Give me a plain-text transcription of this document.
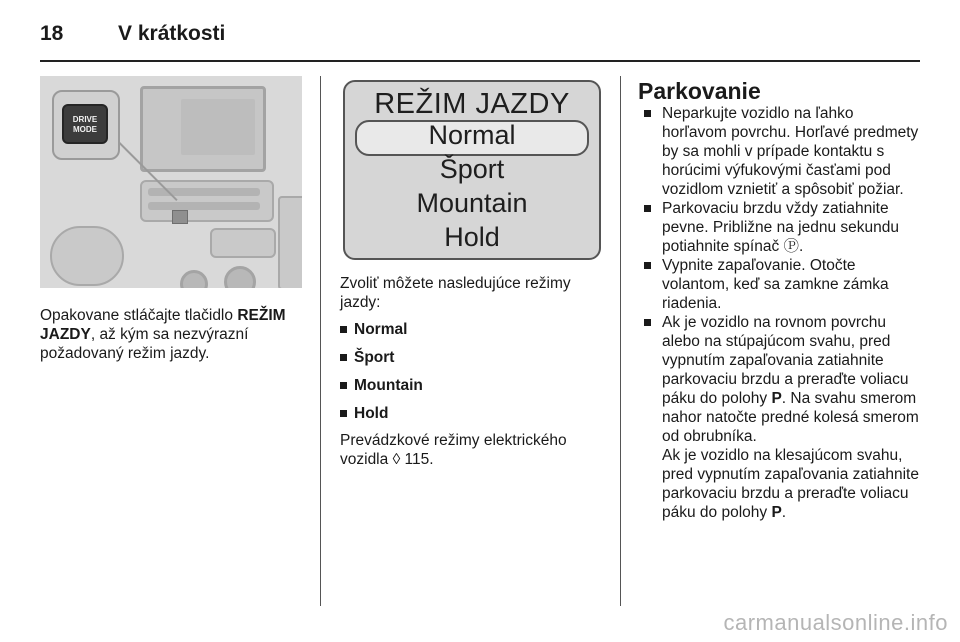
18	V krátkosti
DRIVE
MODE

Opakovane stláčajte tlačidlo REŽIM JAZDY, až kým sa nezvýrazní požadovaný režim jazdy.

REŽIM JAZDY
Normal
Šport
Mountain
Hold

Zvoliť môžete nasledujúce režimy jazdy:

Normal

Šport

Mountain

Hold

Prevádzkové režimy elektrického vozidla ◊ 115.

Parkovanie

Neparkujte vozidlo na ľahko horľavom povrchu. Horľavé predmety by sa mohli v prípade kontaktu s horúcimi výfukovými časťami pod vozidlom vznietiť a spôsobiť požiar.

Parkovaciu brzdu vždy zatiahnite pevne. Približne na jednu sekundu potiahnite spínač Ⓟ.

Vypnite zapaľovanie. Otočte volantom, keď sa zamkne zámka riadenia.

Ak je vozidlo na rovnom povrchu alebo na stúpajúcom svahu, pred vypnutím zapaľovania zatiahnite parkovaciu brzdu a preraďte voliacu páku do polohy P. Na svahu smerom nahor natočte predné kolesá smerom od obrubníka.

Ak je vozidlo na klesajúcom svahu, pred vypnutím zapaľovania zatiahnite parkovaciu brzdu a preraďte voliacu páku do polohy P.

carmanualsonline.info
